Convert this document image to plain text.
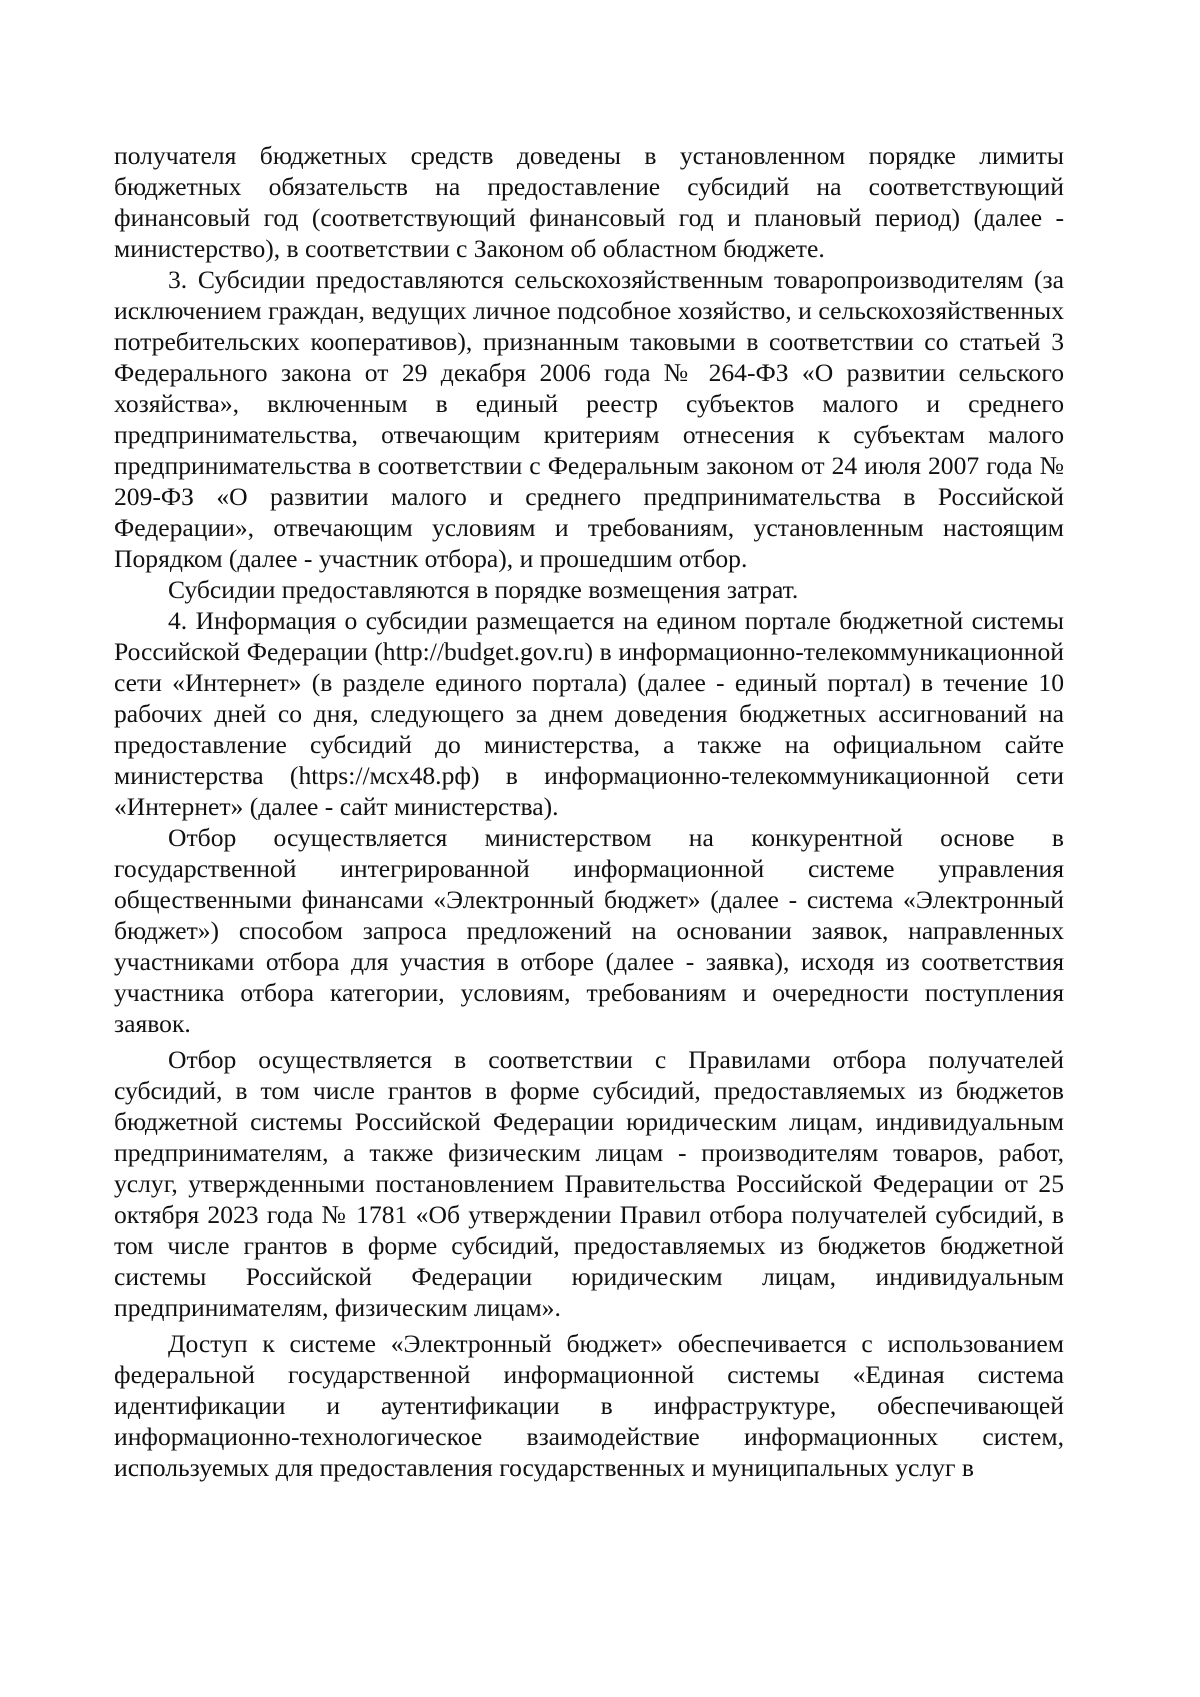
получателя бюджетных средств доведены в установленном порядке лимиты бюджетных обязательств на предоставление субсидий на соответствующий финансовый год (соответствующий финансовый год и плановый период) (далее - министерство), в соответствии с Законом об областном бюджете.

3. Субсидии предоставляются сельскохозяйственным товаропроизводителям (за исключением граждан, ведущих личное подсобное хозяйство, и сельскохозяйственных потребительских кооперативов), признанным таковыми в соответствии со статьей 3 Федерального закона от 29 декабря 2006 года № 264-ФЗ «О развитии сельского хозяйства», включенным в единый реестр субъектов малого и среднего предпринимательства, отвечающим критериям отнесения к субъектам малого предпринимательства в соответствии с Федеральным законом от 24 июля 2007 года № 209-ФЗ «О развитии малого и среднего предпринимательства в Российской Федерации», отвечающим условиям и требованиям, установленным настоящим Порядком (далее - участник отбора), и прошедшим отбор.

Субсидии предоставляются в порядке возмещения затрат.

4. Информация о субсидии размещается на едином портале бюджетной системы Российской Федерации (http://budget.gov.ru) в информационно-телекоммуникационной сети «Интернет» (в разделе единого портала) (далее - единый портал) в течение 10 рабочих дней со дня, следующего за днем доведения бюджетных ассигнований на предоставление субсидий до министерства, а также на официальном сайте министерства (https://мсх48.рф) в информационно-телекоммуникационной сети «Интернет» (далее - сайт министерства).

Отбор осуществляется министерством на конкурентной основе в государственной интегрированной информационной системе управления общественными финансами «Электронный бюджет» (далее - система «Электронный бюджет») способом запроса предложений на основании заявок, направленных участниками отбора для участия в отборе (далее - заявка), исходя из соответствия участника отбора категории, условиям, требованиям и очередности поступления заявок.

Отбор осуществляется в соответствии с Правилами отбора получателей субсидий, в том числе грантов в форме субсидий, предоставляемых из бюджетов бюджетной системы Российской Федерации юридическим лицам, индивидуальным предпринимателям, а также физическим лицам - производителям товаров, работ, услуг, утвержденными постановлением Правительства Российской Федерации от 25 октября 2023 года № 1781 «Об утверждении Правил отбора получателей субсидий, в том числе грантов в форме субсидий, предоставляемых из бюджетов бюджетной системы Российской Федерации юридическим лицам, индивидуальным предпринимателям, физическим лицам».

Доступ к системе «Электронный бюджет» обеспечивается с использованием федеральной государственной информационной системы «Единая система идентификации и аутентификации в инфраструктуре, обеспечивающей информационно-технологическое взаимодействие информационных систем, используемых для предоставления государственных и муниципальных услуг в
